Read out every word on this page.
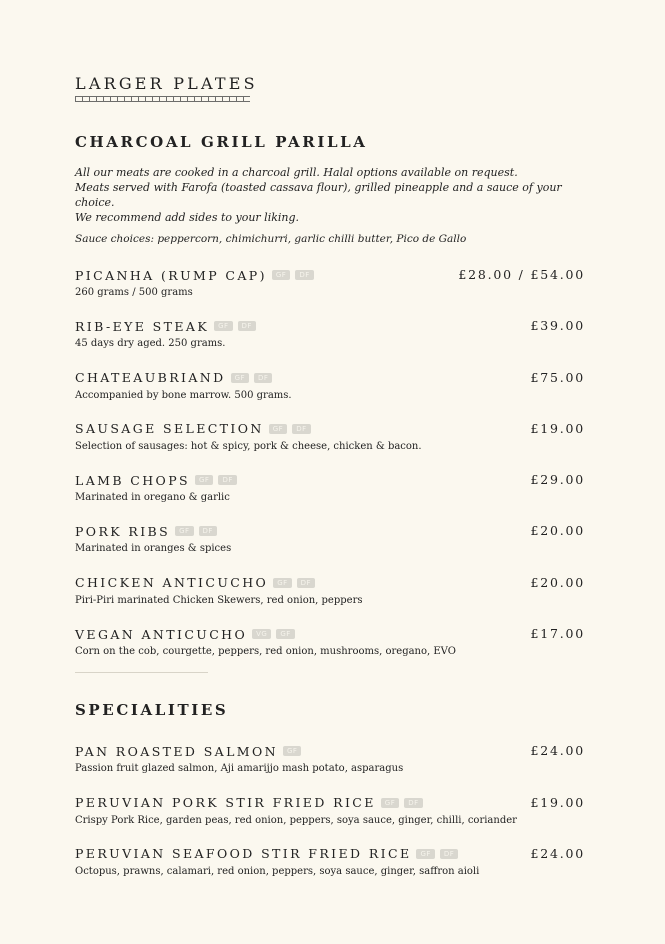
LARGER PLATES
CHARCOAL GRILL PARILLA
All our meats are cooked in a charcoal grill. Halal options available on request.
Meats served with Farofa (toasted cassava flour), grilled pineapple and a sauce of your choice.
We recommend add sides to your liking.
Sauce choices: peppercorn, chimichurri, garlic chilli butter, Pico de Gallo
PICANHA (RUMP CAP)	GF	DF	£28.00 / £54.00
260 grams / 500 grams
RIB-EYE STEAK	GF	DF	£39.00
45 days dry aged. 250 grams.
CHATEAUBRIAND	GF	DF	£75.00
Accompanied by bone marrow. 500 grams.
SAUSAGE SELECTION	GF	DF	£19.00
Selection of sausages: hot & spicy, pork & cheese, chicken & bacon.
LAMB CHOPS	GF	DF	£29.00
Marinated in oregano & garlic
PORK RIBS	GF	DF	£20.00
Marinated in oranges & spices
CHICKEN ANTICUCHO	GF	DF	£20.00
Piri-Piri marinated Chicken Skewers, red onion, peppers
VEGAN ANTICUCHO	VG	GF	£17.00
Corn on the cob, courgette, peppers, red onion, mushrooms, oregano, EVO
SPECIALITIES
PAN ROASTED SALMON	GF	£24.00
Passion fruit glazed salmon, Aji amarijjo mash potato, asparagus
PERUVIAN PORK STIR FRIED RICE	GF	DF	£19.00
Crispy Pork Rice, garden peas, red onion, peppers, soya sauce, ginger, chilli, coriander
PERUVIAN SEAFOOD STIR FRIED RICE	GF	DF	£24.00
Octopus, prawns, calamari, red onion, peppers, soya sauce, ginger, saffron aioli
